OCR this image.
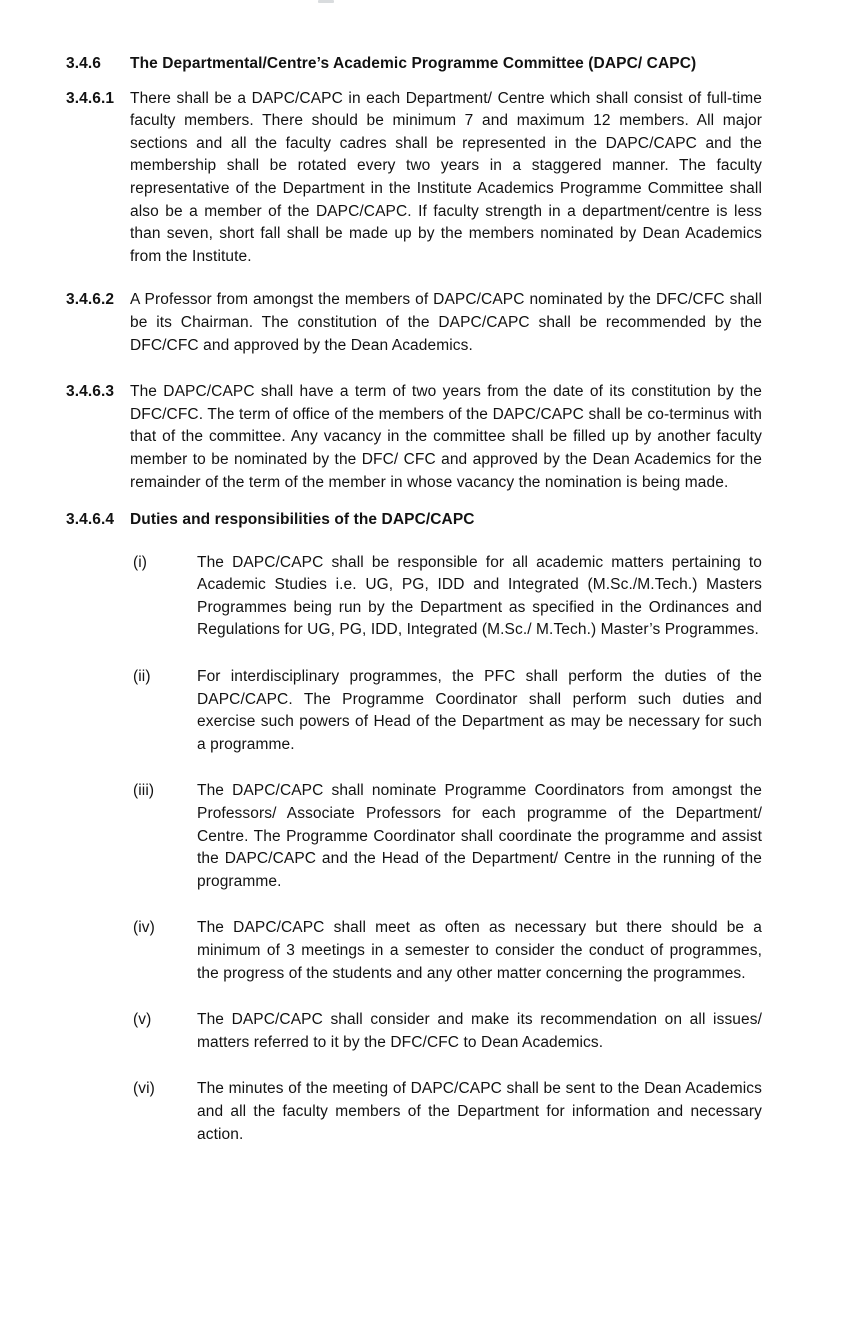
3.4.6 The Departmental/Centre’s Academic Programme Committee (DAPC/ CAPC)
3.4.6.1 There shall be a DAPC/CAPC in each Department/ Centre which shall consist of full-time faculty members. There should be minimum 7 and maximum 12 members. All major sections and all the faculty cadres shall be represented in the DAPC/CAPC and the membership shall be rotated every two years in a staggered manner. The faculty representative of the Department in the Institute Academics Programme Committee shall also be a member of the DAPC/CAPC. If faculty strength in a department/centre is less than seven, short fall shall be made up by the members nominated by Dean Academics from the Institute.
3.4.6.2 A Professor from amongst the members of DAPC/CAPC nominated by the DFC/CFC shall be its Chairman. The constitution of the DAPC/CAPC shall be recommended by the DFC/CFC and approved by the Dean Academics.
3.4.6.3 The DAPC/CAPC shall have a term of two years from the date of its constitution by the DFC/CFC. The term of office of the members of the DAPC/CAPC shall be co-terminus with that of the committee. Any vacancy in the committee shall be filled up by another faculty member to be nominated by the DFC/ CFC and approved by the Dean Academics for the remainder of the term of the member in whose vacancy the nomination is being made.
3.4.6.4 Duties and responsibilities of the DAPC/CAPC
(i)	The DAPC/CAPC shall be responsible for all academic matters pertaining to Academic Studies i.e. UG, PG, IDD and Integrated (M.Sc./M.Tech.) Masters Programmes being run by the Department as specified in the Ordinances and Regulations for UG, PG, IDD, Integrated (M.Sc./ M.Tech.) Master’s Programmes.
(ii)	For interdisciplinary programmes, the PFC shall perform the duties of the DAPC/CAPC. The Programme Coordinator shall perform such duties and exercise such powers of Head of the Department as may be necessary for such a programme.
(iii)	The DAPC/CAPC shall nominate Programme Coordinators from amongst the Professors/ Associate Professors for each programme of the Department/ Centre. The Programme Coordinator shall coordinate the programme and assist the DAPC/CAPC and the Head of the Department/ Centre in the running of the programme.
(iv)	The DAPC/CAPC shall meet as often as necessary but there should be a minimum of 3 meetings in a semester to consider the conduct of programmes, the progress of the students and any other matter concerning the programmes.
(v)	The DAPC/CAPC shall consider and make its recommendation on all issues/ matters referred to it by the DFC/CFC to Dean Academics.
(vi)	The minutes of the meeting of DAPC/CAPC shall be sent to the Dean Academics and all the faculty members of the Department for information and necessary action.
